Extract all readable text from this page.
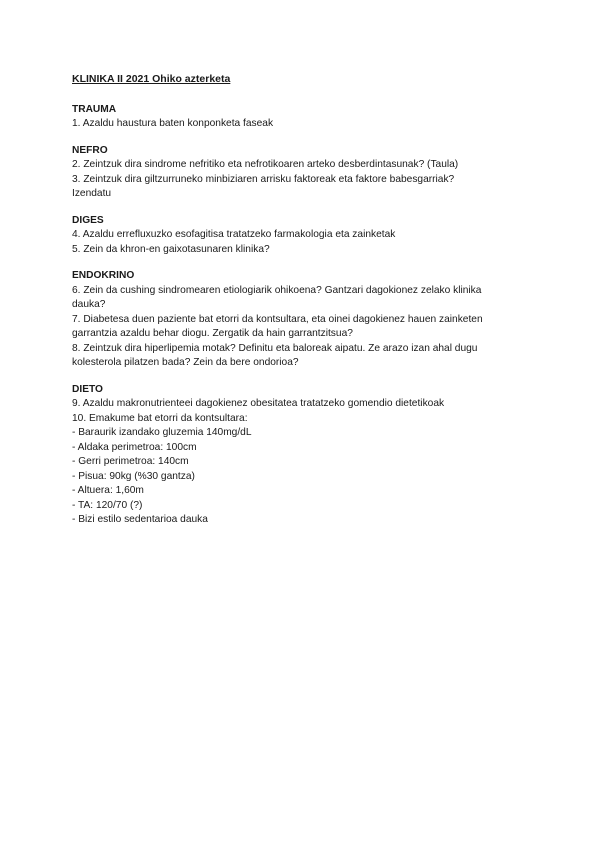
KLINIKA II 2021 Ohiko azterketa

TRAUMA

1. Azaldu haustura baten konponketa faseak

NEFRO

2. Zeintzuk dira sindrome nefritiko eta nefrotikoaren arteko desberdintasunak? (Taula)

3. Zeintzuk dira giltzurruneko minbiziaren arrisku faktoreak eta faktore babesgarriak?

Izendatu

DIGES

4. Azaldu errefluxuzko esofagitisa tratatzeko farmakologia eta zainketak

5. Zein da khron-en gaixotasunaren klinika?

ENDOKRINO

6. Zein da cushing sindromearen etiologiarik ohikoena? Gantzari dagokionez zelako klinika

dauka?

7. Diabetesa duen paziente bat etorri da kontsultara, eta oinei dagokienez hauen zainketen

garrantzia azaldu behar diogu. Zergatik da hain garrantzitsua?

8. Zeintzuk dira hiperlipemia motak? Definitu eta baloreak aipatu. Ze arazo izan ahal dugu

kolesterola pilatzen bada? Zein da bere ondorioa?

DIETO

9. Azaldu makronutrienteei dagokienez obesitatea tratatzeko gomendio dietetikoak

10. Emakume bat etorri da kontsultara:

- Baraurik izandako gluzemia 140mg/dL

- Aldaka perimetroa: 100cm

- Gerri perimetroa: 140cm

- Pisua: 90kg (%30 gantza)

- Altuera: 1,60m

- TA: 120/70 (?)

- Bizi estilo sedentarioa dauka
